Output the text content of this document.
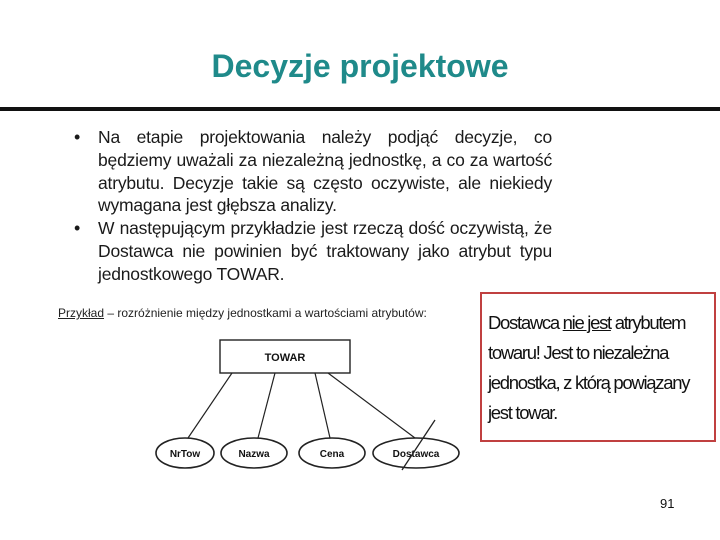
Decyzje projektowe
• Na etapie projektowania należy podjąć decyzje, co będziemy uważali za niezależną jednostkę, a co za wartość atrybutu. Decyzje takie są często oczywiste, ale niekiedy wymagana jest głębsza analizy.
• W następującym przykładzie jest rzeczą dość oczywistą, że Dostawca nie powinien być traktowany jako atrybut typu jednostkowego TOWAR.
Przykład – rozróżnienie między jednostkami a wartościami atrybutów:
TOWAR
NrTow	Nazwa	Cena	Dostawca
Dostawca nie jest atrybutem towaru! Jest to niezależna jednostka, z którą powiązany jest towar.
91
